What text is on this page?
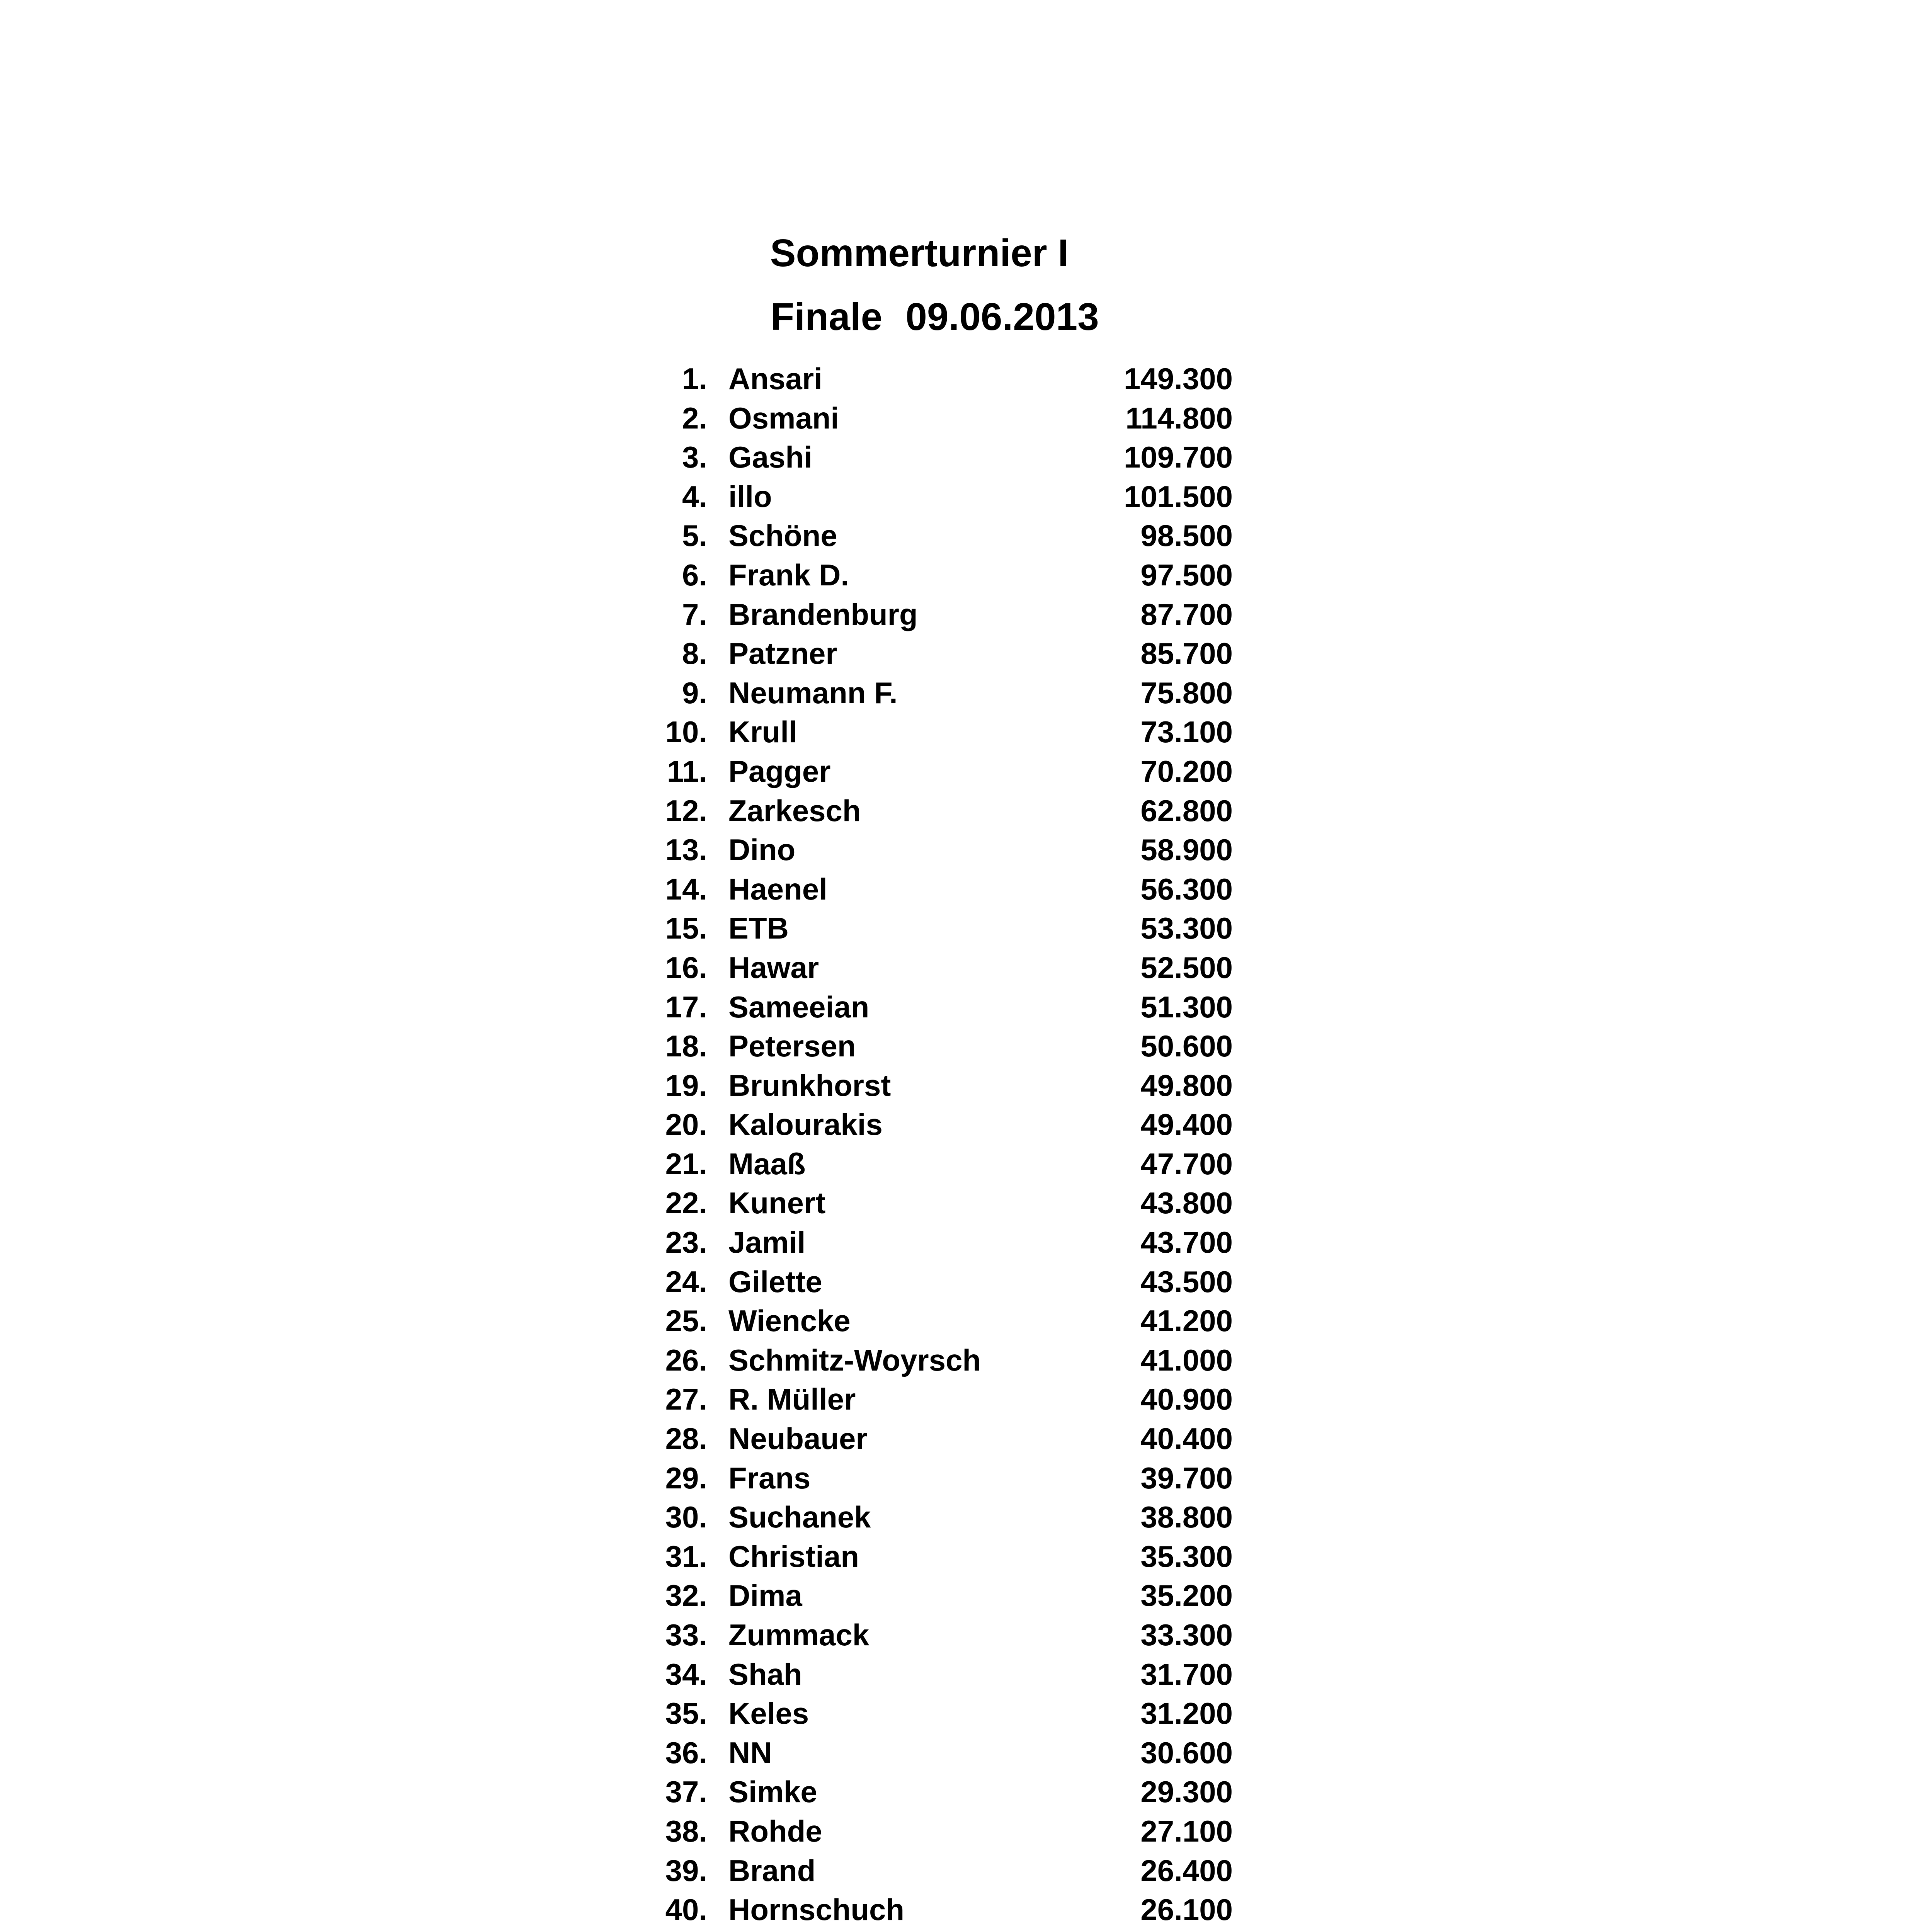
Sommerturnier I
Finale 09.06.2013
1. Ansari	149.300
2. Osmani	114.800
3. Gashi	109.700
4. illo	101.500
5. Schöne	98.500
6. Frank D.	97.500
7. Brandenburg	87.700
8. Patzner	85.700
9. Neumann F.	75.800
10. Krull	73.100
11. Pagger	70.200
12. Zarkesch	62.800
13. Dino	58.900
14. Haenel	56.300
15. ETB	53.300
16. Hawar	52.500
17. Sameeian	51.300
18. Petersen	50.600
19. Brunkhorst	49.800
20. Kalourakis	49.400
21. Maaß	47.700
22. Kunert	43.800
23. Jamil	43.700
24. Gilette	43.500
25. Wiencke	41.200
26. Schmitz-Woyrsch	41.000
27. R. Müller	40.900
28. Neubauer	40.400
29. Frans	39.700
30. Suchanek	38.800
31. Christian	35.300
32. Dima	35.200
33. Zummack	33.300
34. Shah	31.700
35. Keles	31.200
36. NN	30.600
37. Simke	29.300
38. Rohde	27.100
39. Brand	26.400
40. Hornschuch	26.100
